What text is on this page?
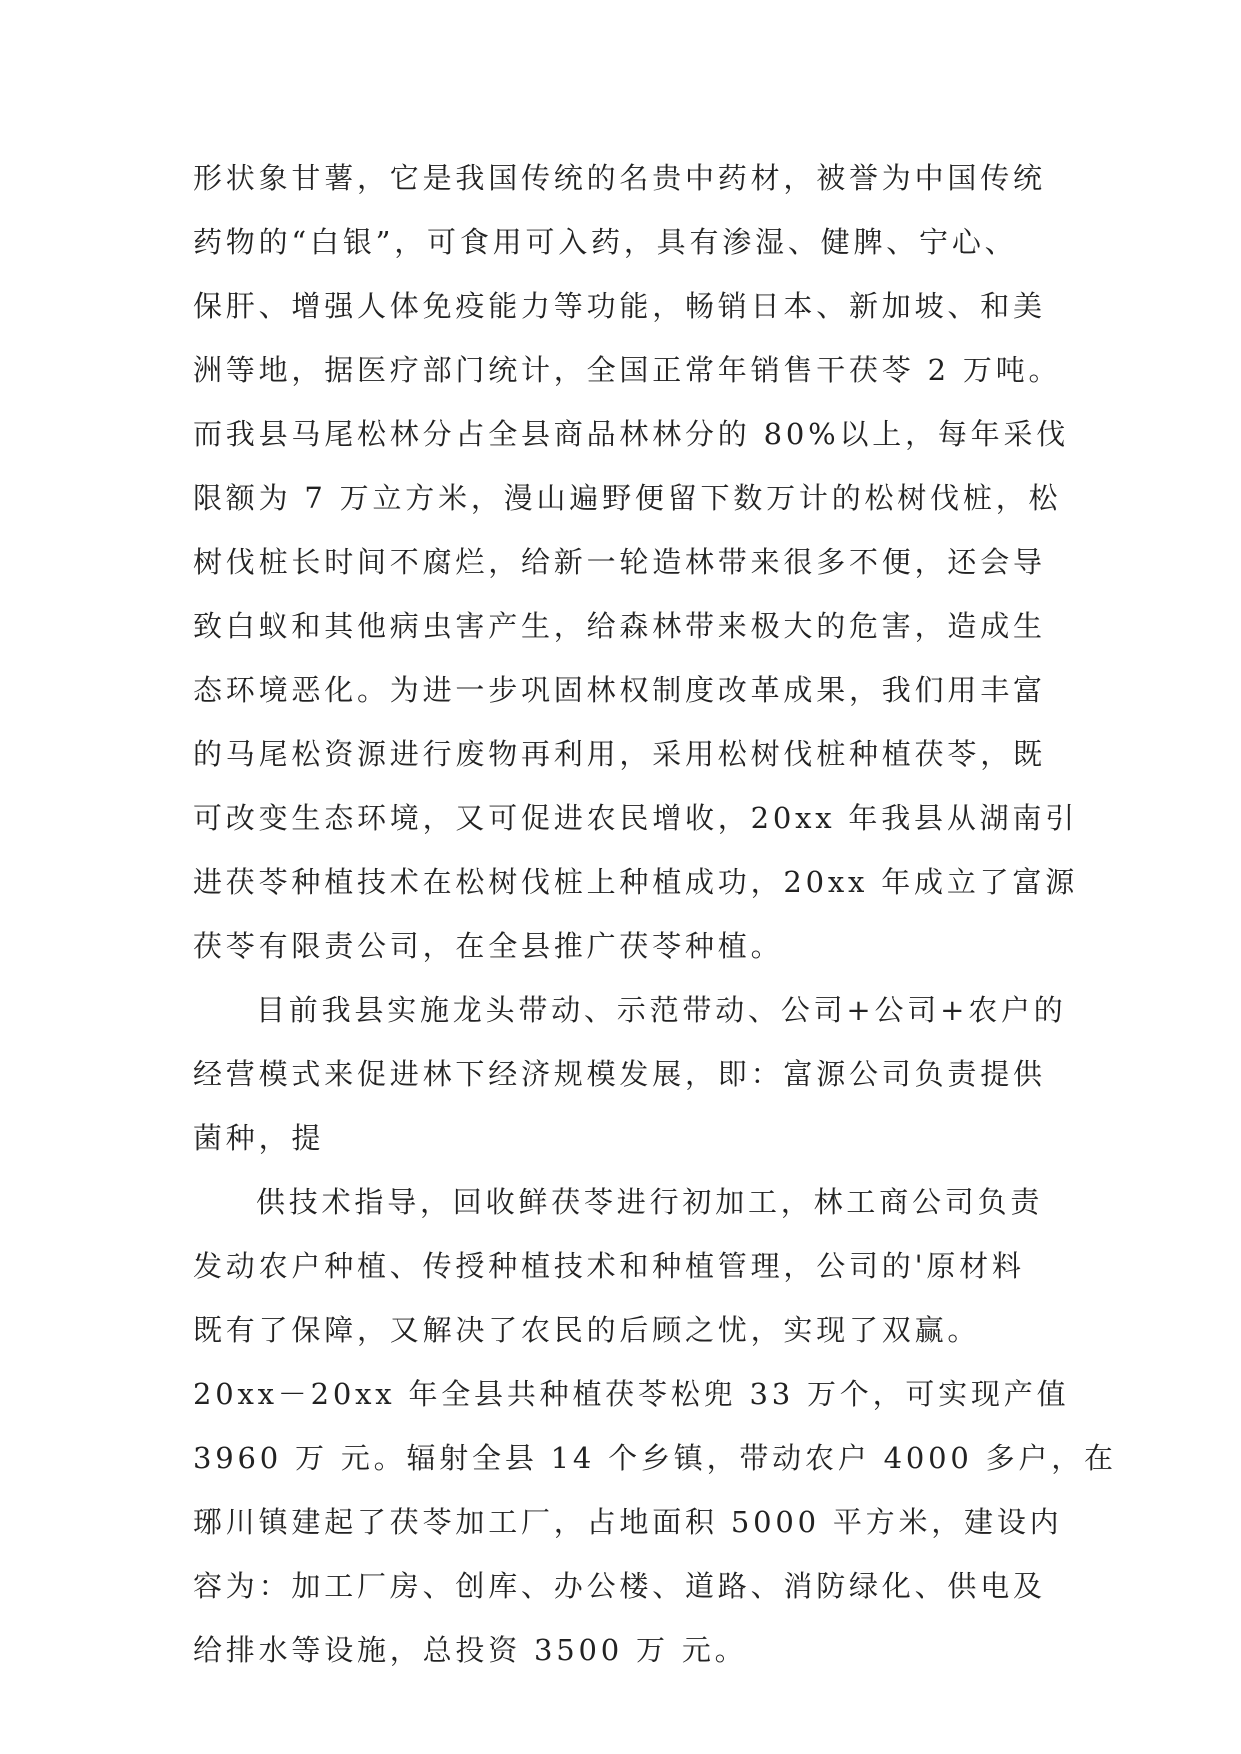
形状象甘薯，它是我国传统的名贵中药材，被誉为中国传统
药物的“白银”，可食用可入药，具有渗湿、健脾、宁心、
保肝、增强人体免疫能力等功能，畅销日本、新加坡、和美
洲等地，据医疗部门统计，全国正常年销售干茯苓 2 万吨。
而我县马尾松林分占全县商品林林分的 80%以上，每年采伐
限额为 7 万立方米，漫山遍野便留下数万计的松树伐桩，松
树伐桩长时间不腐烂，给新一轮造林带来很多不便，还会导
致白蚁和其他病虫害产生，给森林带来极大的危害，造成生
态环境恶化。为进一步巩固林权制度改革成果，我们用丰富
的马尾松资源进行废物再利用，采用松树伐桩种植茯苓，既
可改变生态环境，又可促进农民增收，20xx 年我县从湖南引
进茯苓种植技术在松树伐桩上种植成功，20xx 年成立了富源
茯苓有限责公司，在全县推广茯苓种植。
目前我县实施龙头带动、示范带动、公司+公司+农户的
经营模式来促进林下经济规模发展，即：富源公司负责提供
菌种，提
供技术指导，回收鲜茯苓进行初加工，林工商公司负责
发动农户种植、传授种植技术和种植管理，公司的'原材料
既有了保障，又解决了农民的后顾之忧，实现了双赢。
20xx－20xx 年全县共种植茯苓松兜 33 万个，可实现产值
3960 万 元。辐射全县 14 个乡镇，带动农户 4000 多户，在
琊川镇建起了茯苓加工厂，占地面积 5000 平方米，建设内
容为：加工厂房、创库、办公楼、道路、消防绿化、供电及
给排水等设施，总投资 3500 万 元。
